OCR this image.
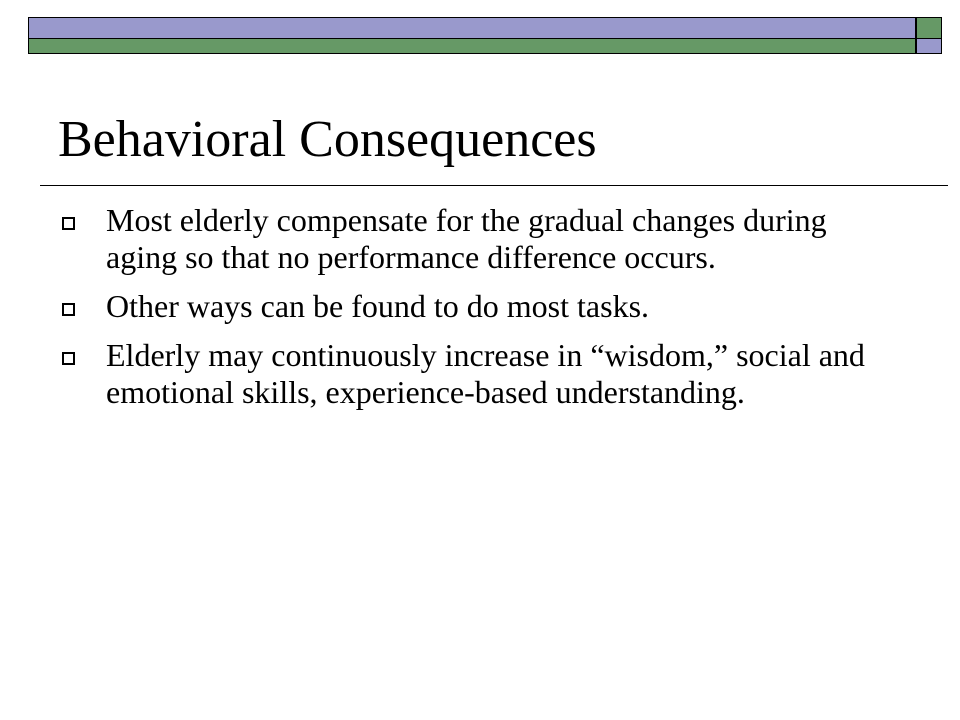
Behavioral Consequences
Most elderly compensate for the gradual changes during aging so that no performance difference occurs.
Other ways can be found to do most tasks.
Elderly may continuously increase in “wisdom,” social and emotional skills, experience-based understanding.
